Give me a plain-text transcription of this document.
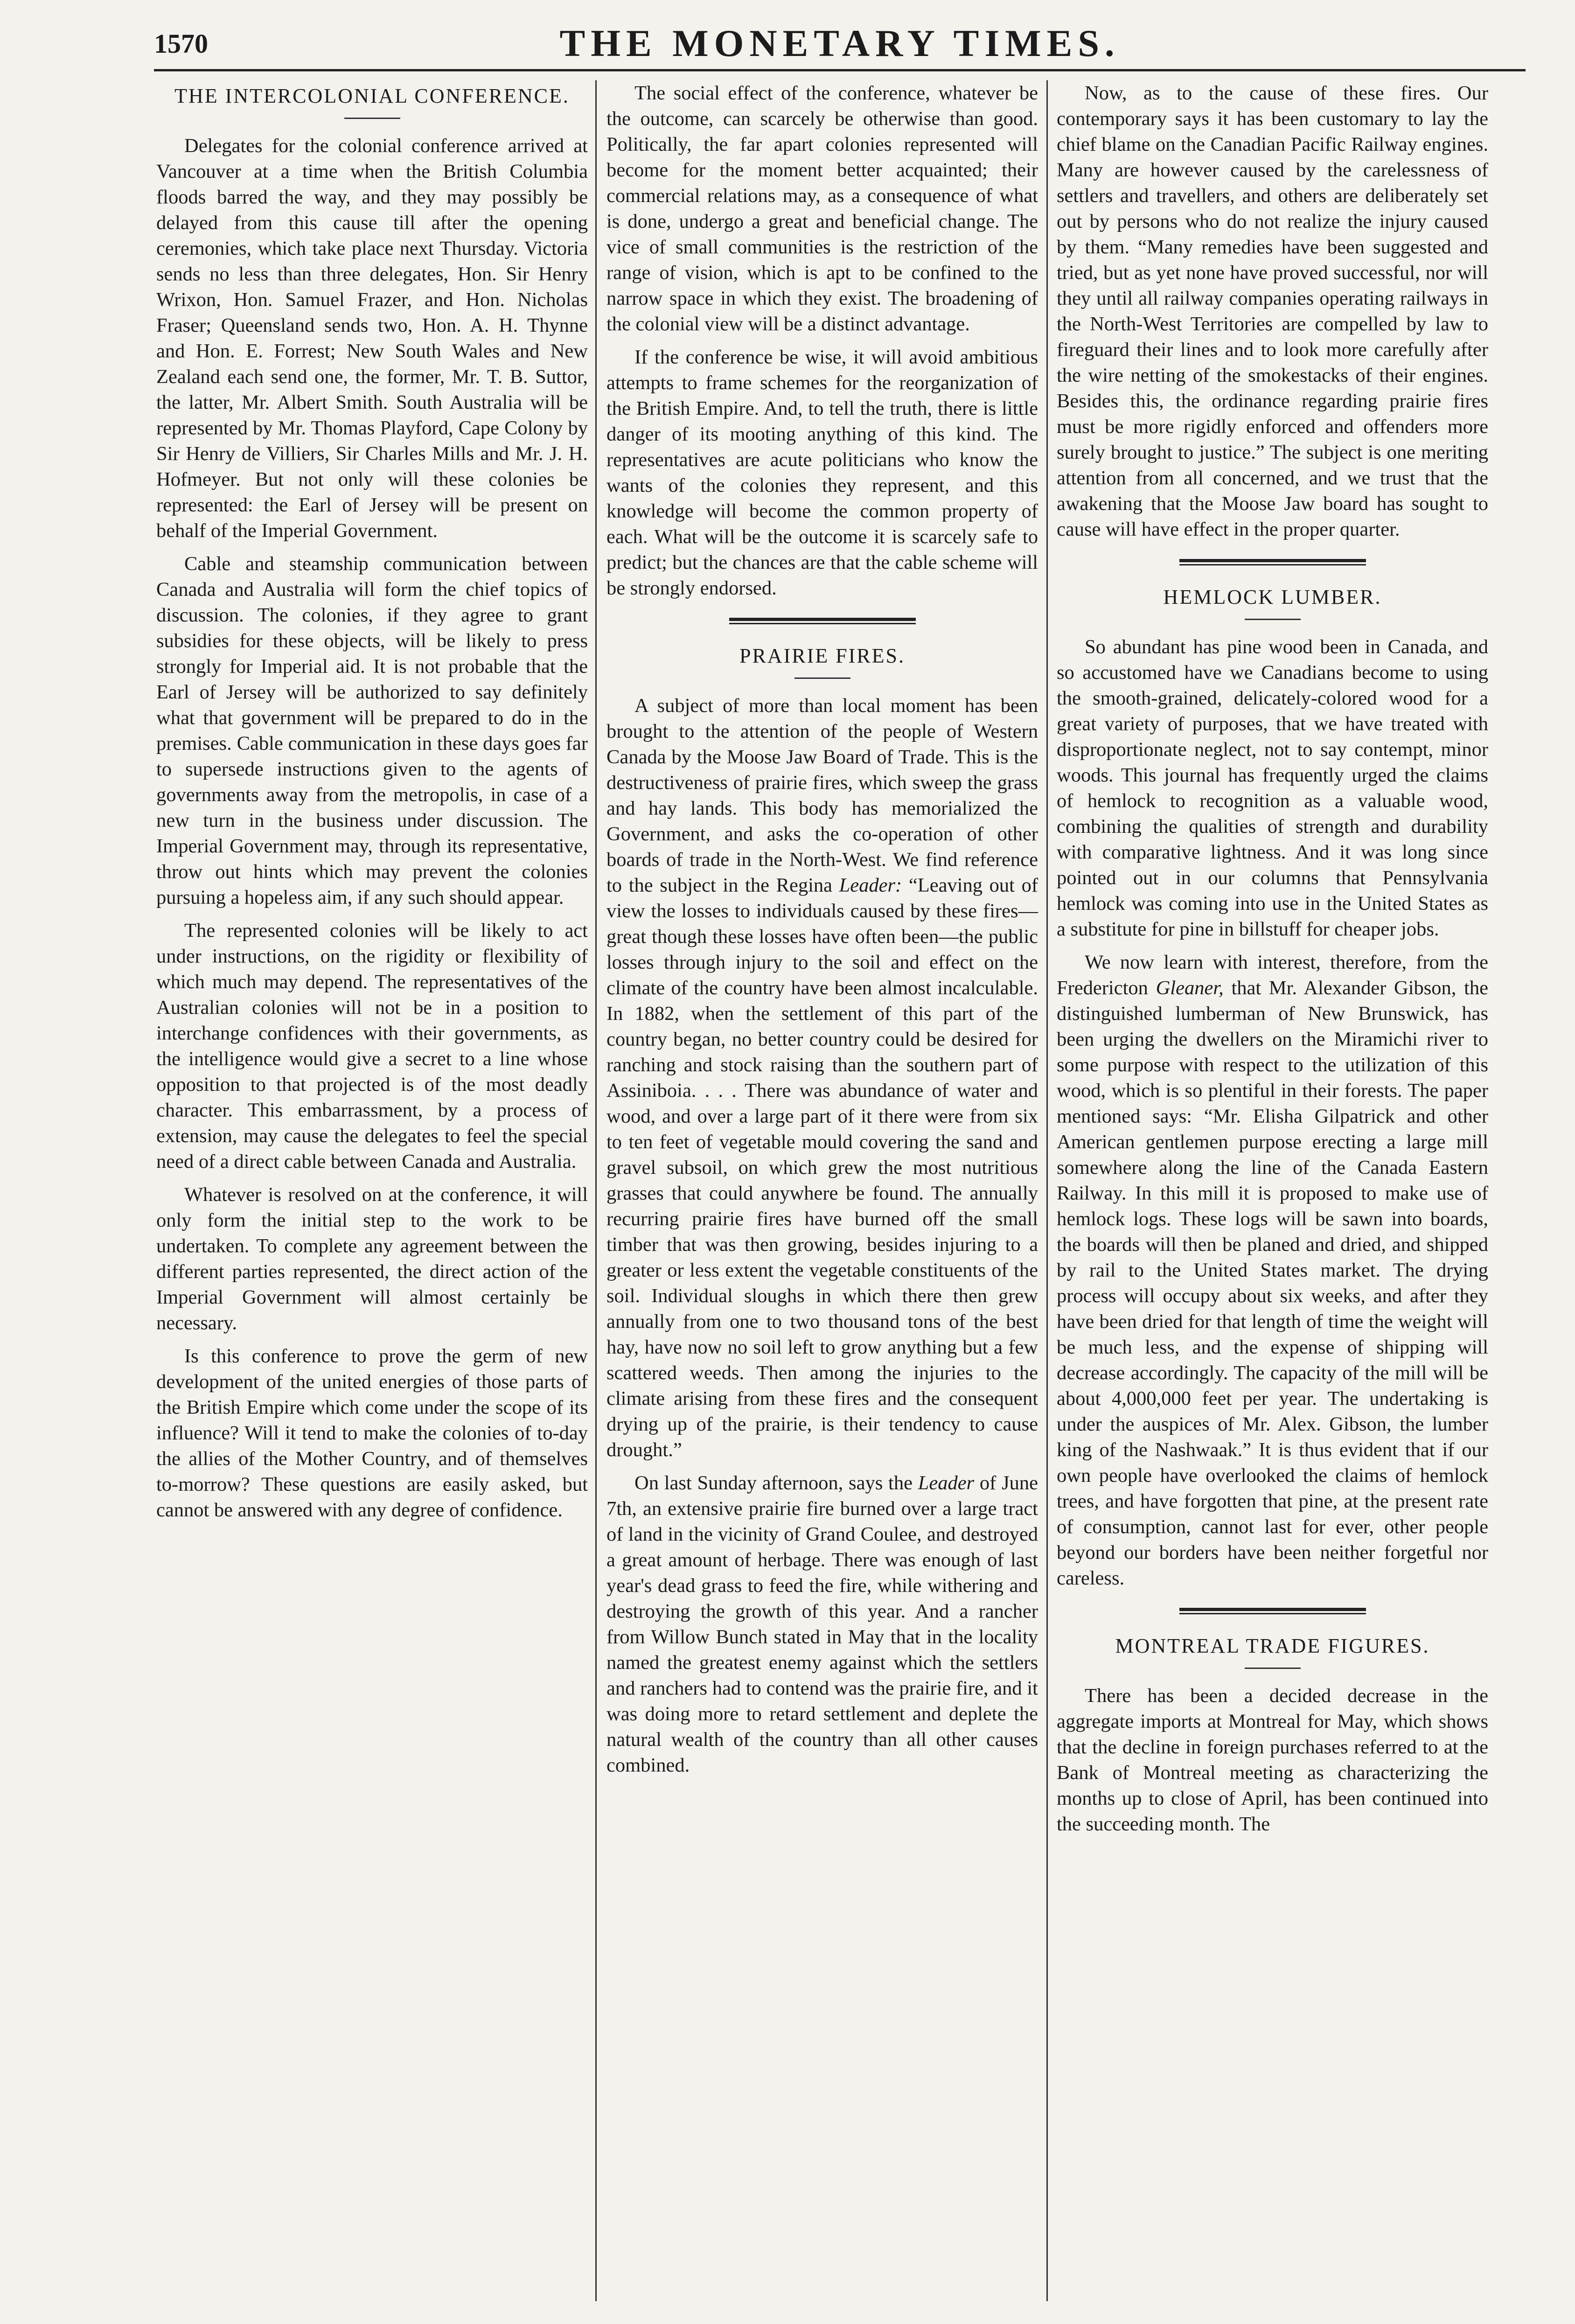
1570	THE MONETARY TIMES.
THE INTERCOLONIAL CONFERENCE.

Delegates for the colonial conference arrived at Vancouver at a time when the British Columbia floods barred the way, and they may possibly be delayed from this cause till after the opening ceremonies, which take place next Thursday. Victoria sends no less than three delegates, Hon. Sir Henry Wrixon, Hon. Samuel Frazer, and Hon. Nicholas Fraser; Queensland sends two, Hon. A. H. Thynne and Hon. E. Forrest; New South Wales and New Zealand each send one, the former, Mr. T. B. Suttor, the latter, Mr. Albert Smith. South Australia will be represented by Mr. Thomas Playford, Cape Colony by Sir Henry de Villiers, Sir Charles Mills and Mr. J. H. Hofmeyer. But not only will these colonies be represented: the Earl of Jersey will be present on behalf of the Imperial Government.

Cable and steamship communication between Canada and Australia will form the chief topics of discussion. The colonies, if they agree to grant subsidies for these objects, will be likely to press strongly for Imperial aid. It is not probable that the Earl of Jersey will be authorized to say definitely what that government will be prepared to do in the premises. Cable communication in these days goes far to supersede instructions given to the agents of governments away from the metropolis, in case of a new turn in the business under discussion. The Imperial Government may, through its representative, throw out hints which may prevent the colonies pursuing a hopeless aim, if any such should appear.

The represented colonies will be likely to act under instructions, on the rigidity or flexibility of which much may depend. The representatives of the Australian colonies will not be in a position to interchange confidences with their governments, as the intelligence would give a secret to a line whose opposition to that projected is of the most deadly character. This embarrassment, by a process of extension, may cause the delegates to feel the special need of a direct cable between Canada and Australia.

Whatever is resolved on at the conference, it will only form the initial step to the work to be undertaken. To complete any agreement between the different parties represented, the direct action of the Imperial Government will almost certainly be necessary.

Is this conference to prove the germ of new development of the united energies of those parts of the British Empire which come under the scope of its influence? Will it tend to make the colonies of to-day the allies of the Mother Country, and of themselves to-morrow? These questions are easily asked, but cannot be answered with any degree of confidence.

The social effect of the conference, whatever be the outcome, can scarcely be otherwise than good. Politically, the far apart colonies represented will become for the moment better acquainted; their commercial relations may, as a consequence of what is done, undergo a great and beneficial change. The vice of small communities is the restriction of the range of vision, which is apt to be confined to the narrow space in which they exist. The broadening of the colonial view will be a distinct advantage.

If the conference be wise, it will avoid ambitious attempts to frame schemes for the reorganization of the British Empire. And, to tell the truth, there is little danger of its mooting anything of this kind. The representatives are acute politicians who know the wants of the colonies they represent, and this knowledge will become the common property of each. What will be the outcome it is scarcely safe to predict; but the chances are that the cable scheme will be strongly endorsed.

PRAIRIE FIRES.

A subject of more than local moment has been brought to the attention of the people of Western Canada by the Moose Jaw Board of Trade. This is the destructiveness of prairie fires, which sweep the grass and hay lands. This body has memorialized the Government, and asks the co-operation of other boards of trade in the North-West. We find reference to the subject in the Regina Leader: “Leaving out of view the losses to individuals caused by these fires—great though these losses have often been—the public losses through injury to the soil and effect on the climate of the country have been almost incalculable. In 1882, when the settlement of this part of the country began, no better country could be desired for ranching and stock raising than the southern part of Assiniboia. . . . There was abundance of water and wood, and over a large part of it there were from six to ten feet of vegetable mould covering the sand and gravel subsoil, on which grew the most nutritious grasses that could anywhere be found. The annually recurring prairie fires have burned off the small timber that was then growing, besides injuring to a greater or less extent the vegetable constituents of the soil. Individual sloughs in which there then grew annually from one to two thousand tons of the best hay, have now no soil left to grow anything but a few scattered weeds. Then among the injuries to the climate arising from these fires and the consequent drying up of the prairie, is their tendency to cause drought.”

On last Sunday afternoon, says the Leader of June 7th, an extensive prairie fire burned over a large tract of land in the vicinity of Grand Coulee, and destroyed a great amount of herbage. There was enough of last year's dead grass to feed the fire, while withering and destroying the growth of this year. And a rancher from Willow Bunch stated in May that in the locality named the greatest enemy against which the settlers and ranchers had to contend was the prairie fire, and it was doing more to retard settlement and deplete the natural wealth of the country than all other causes combined.

Now, as to the cause of these fires. Our contemporary says it has been customary to lay the chief blame on the Canadian Pacific Railway engines. Many are however caused by the carelessness of settlers and travellers, and others are deliberately set out by persons who do not realize the injury caused by them. “Many remedies have been suggested and tried, but as yet none have proved successful, nor will they until all railway companies operating railways in the North-West Territories are compelled by law to fireguard their lines and to look more carefully after the wire netting of the smokestacks of their engines. Besides this, the ordinance regarding prairie fires must be more rigidly enforced and offenders more surely brought to justice.” The subject is one meriting attention from all concerned, and we trust that the awakening that the Moose Jaw board has sought to cause will have effect in the proper quarter.

HEMLOCK LUMBER.

So abundant has pine wood been in Canada, and so accustomed have we Canadians become to using the smooth-grained, delicately-colored wood for a great variety of purposes, that we have treated with disproportionate neglect, not to say contempt, minor woods. This journal has frequently urged the claims of hemlock to recognition as a valuable wood, combining the qualities of strength and durability with comparative lightness. And it was long since pointed out in our columns that Pennsylvania hemlock was coming into use in the United States as a substitute for pine in billstuff for cheaper jobs.

We now learn with interest, therefore, from the Fredericton Gleaner, that Mr. Alexander Gibson, the distinguished lumberman of New Brunswick, has been urging the dwellers on the Miramichi river to some purpose with respect to the utilization of this wood, which is so plentiful in their forests. The paper mentioned says: “Mr. Elisha Gilpatrick and other American gentlemen purpose erecting a large mill somewhere along the line of the Canada Eastern Railway. In this mill it is proposed to make use of hemlock logs. These logs will be sawn into boards, the boards will then be planed and dried, and shipped by rail to the United States market. The drying process will occupy about six weeks, and after they have been dried for that length of time the weight will be much less, and the expense of shipping will decrease accordingly. The capacity of the mill will be about 4,000,000 feet per year. The undertaking is under the auspices of Mr. Alex. Gibson, the lumber king of the Nashwaak.” It is thus evident that if our own people have overlooked the claims of hemlock trees, and have forgotten that pine, at the present rate of consumption, cannot last for ever, other people beyond our borders have been neither forgetful nor careless.

MONTREAL TRADE FIGURES.

There has been a decided decrease in the aggregate imports at Montreal for May, which shows that the decline in foreign purchases referred to at the Bank of Montreal meeting as characterizing the months up to close of April, has been continued into the succeeding month. The
